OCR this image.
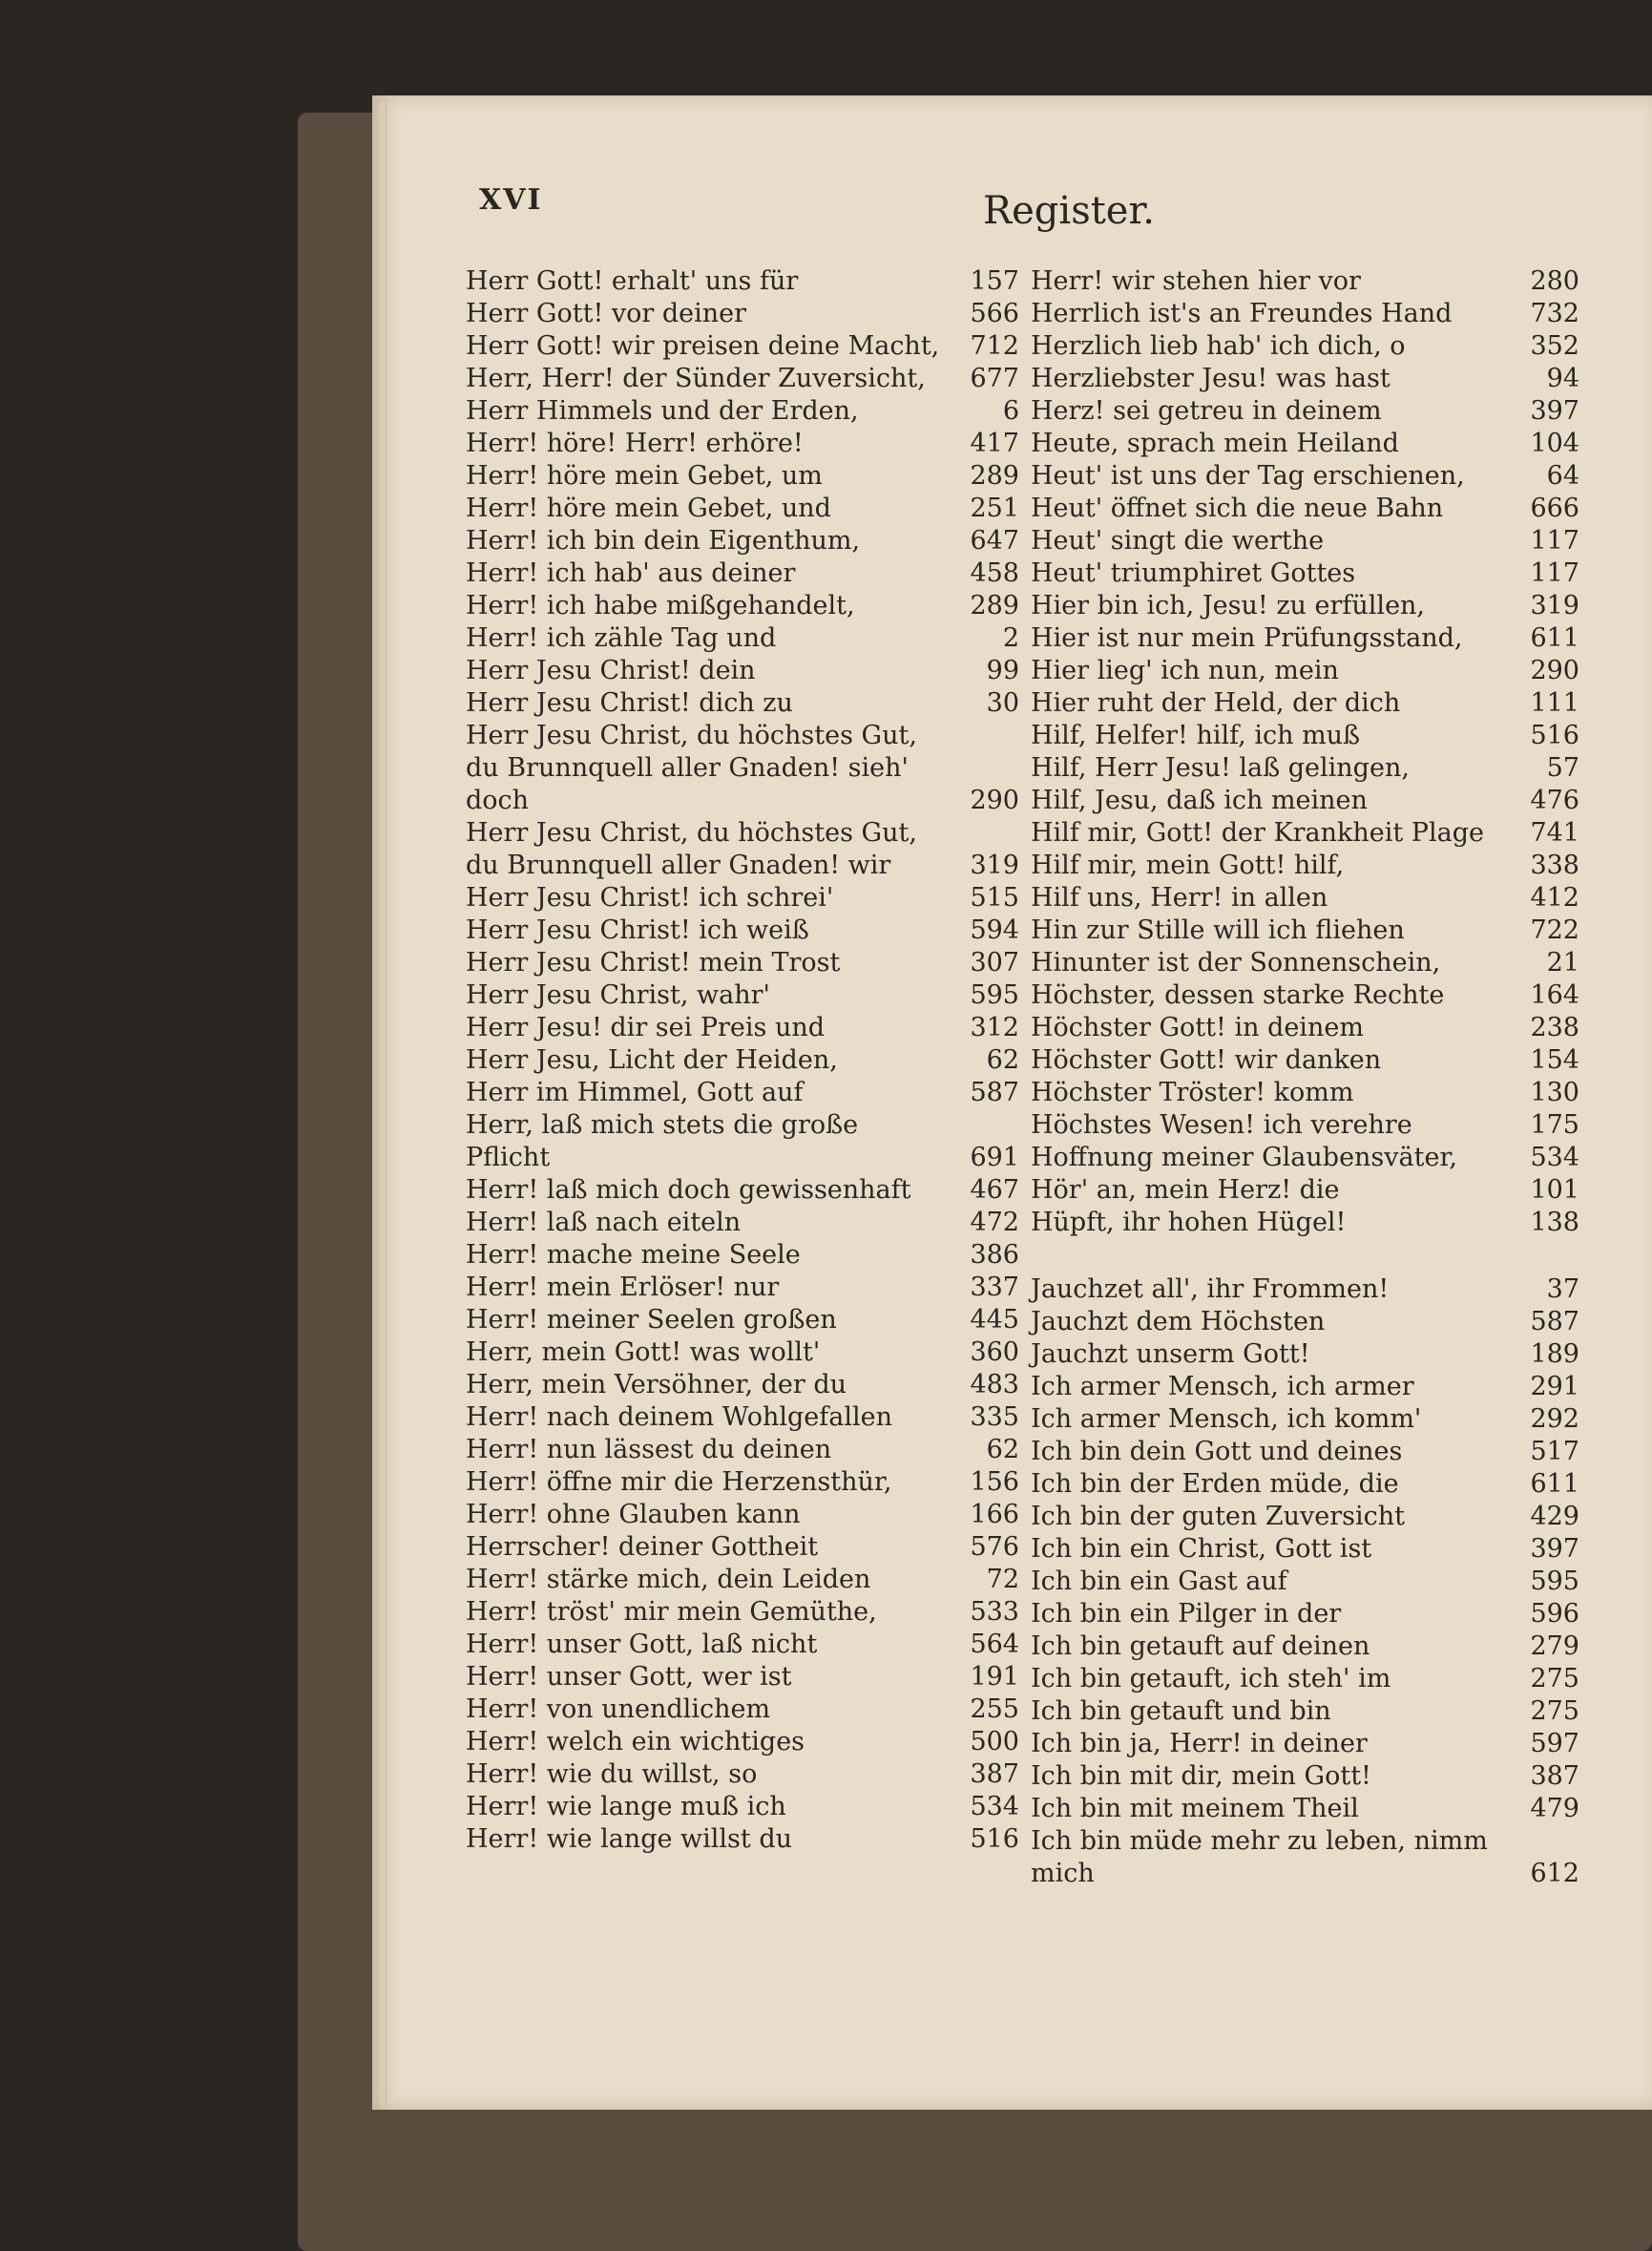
XVI	Register.
Herr Gott! erhalt' uns für	157
Herr Gott! vor deiner	566
Herr Gott! wir preisen deine Macht,	712
Herr, Herr! der Sünder Zuversicht,	677
Herr Himmels und der Erden,	6
Herr! höre! Herr! erhöre!	417
Herr! höre mein Gebet, um	289
Herr! höre mein Gebet, und	251
Herr! ich bin dein Eigenthum,	647
Herr! ich hab' aus deiner	458
Herr! ich habe mißgehandelt,	289
Herr! ich zähle Tag und	2
Herr Jesu Christ! dein	99
Herr Jesu Christ! dich zu	30
Herr Jesu Christ, du höchstes Gut, du Brunnquell aller Gnaden! sieh' doch	290
Herr Jesu Christ, du höchstes Gut, du Brunnquell aller Gnaden! wir	319
Herr Jesu Christ! ich schrei'	515
Herr Jesu Christ! ich weiß	594
Herr Jesu Christ! mein Trost	307
Herr Jesu Christ, wahr'	595
Herr Jesu! dir sei Preis und	312
Herr Jesu, Licht der Heiden,	62
Herr im Himmel, Gott auf	587
Herr, laß mich stets die große Pflicht	691
Herr! laß mich doch gewissenhaft	467
Herr! laß nach eiteln	472
Herr! mache meine Seele	386
Herr! mein Erlöser! nur	337
Herr! meiner Seelen großen	445
Herr, mein Gott! was wollt'	360
Herr, mein Versöhner, der du	483
Herr! nach deinem Wohlgefallen	335
Herr! nun lässest du deinen	62
Herr! öffne mir die Herzensthür,	156
Herr! ohne Glauben kann	166
Herrscher! deiner Gottheit	576
Herr! stärke mich, dein Leiden	72
Herr! tröst' mir mein Gemüthe,	533
Herr! unser Gott, laß nicht	564
Herr! unser Gott, wer ist	191
Herr! von unendlichem	255
Herr! welch ein wichtiges	500
Herr! wie du willst, so	387
Herr! wie lange muß ich	534
Herr! wie lange willst du	516
Herr! wir stehen hier vor	280
Herrlich ist's an Freundes Hand	732
Herzlich lieb hab' ich dich, o	352
Herzliebster Jesu! was hast	94
Herz! sei getreu in deinem	397
Heute, sprach mein Heiland	104
Heut' ist uns der Tag erschienen,	64
Heut' öffnet sich die neue Bahn	666
Heut' singt die werthe	117
Heut' triumphiret Gottes	117
Hier bin ich, Jesu! zu erfüllen,	319
Hier ist nur mein Prüfungsstand,	611
Hier lieg' ich nun, mein	290
Hier ruht der Held, der dich	111
Hilf, Helfer! hilf, ich muß	516
Hilf, Herr Jesu! laß gelingen,	57
Hilf, Jesu, daß ich meinen	476
Hilf mir, Gott! der Krankheit Plage	741
Hilf mir, mein Gott! hilf,	338
Hilf uns, Herr! in allen	412
Hin zur Stille will ich fliehen	722
Hinunter ist der Sonnenschein,	21
Höchster, dessen starke Rechte	164
Höchster Gott! in deinem	238
Höchster Gott! wir danken	154
Höchster Tröster! komm	130
Höchstes Wesen! ich verehre	175
Hoffnung meiner Glaubensväter,	534
Hör' an, mein Herz! die	101
Hüpft, ihr hohen Hügel!	138
Jauchzet all', ihr Frommen!	37
Jauchzt dem Höchsten	587
Jauchzt unserm Gott!	189
Ich armer Mensch, ich armer	291
Ich armer Mensch, ich komm'	292
Ich bin dein Gott und deines	517
Ich bin der Erden müde, die	611
Ich bin der guten Zuversicht	429
Ich bin ein Christ, Gott ist	397
Ich bin ein Gast auf	595
Ich bin ein Pilger in der	596
Ich bin getauft auf deinen	279
Ich bin getauft, ich steh' im	275
Ich bin getauft und bin	275
Ich bin ja, Herr! in deiner	597
Ich bin mit dir, mein Gott!	387
Ich bin mit meinem Theil	479
Ich bin müde mehr zu leben, nimm mich	612
